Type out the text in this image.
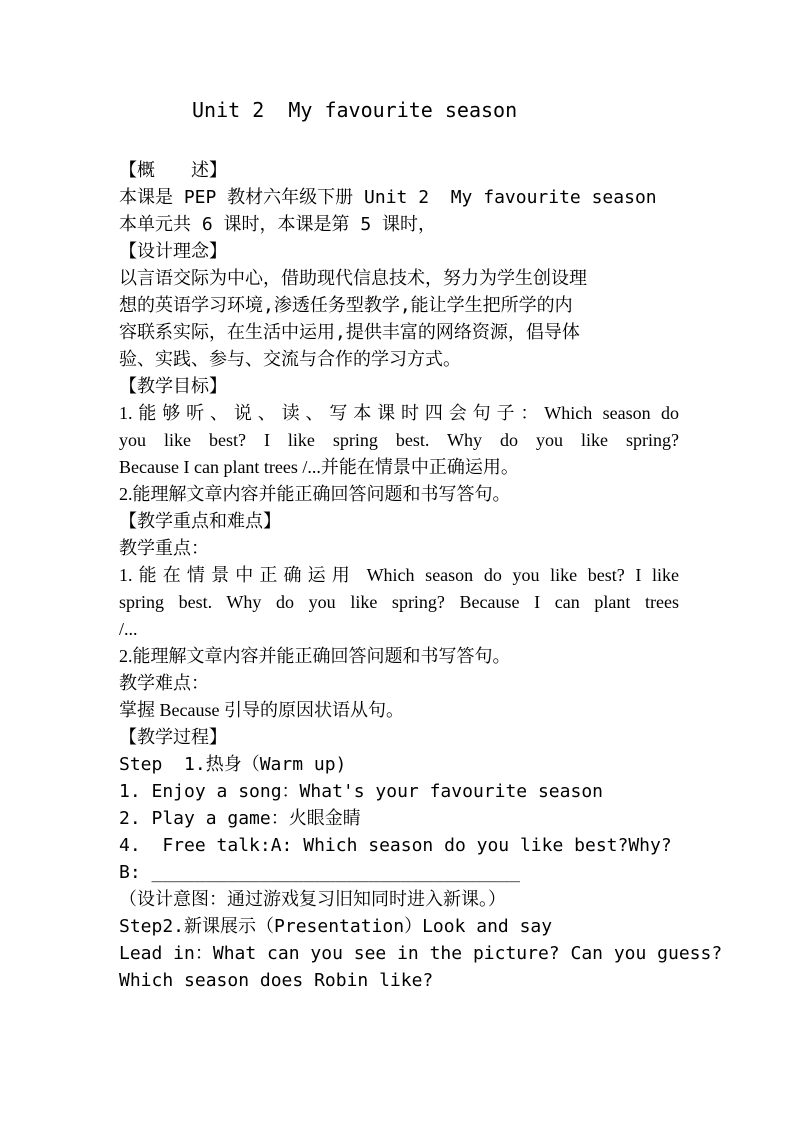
Unit 2  My favourite season
【概　　述】
本课是 PEP 教材六年级下册 Unit 2  My favourite season
本单元共 6 课时，本课是第 5 课时，
【设计理念】
以言语交际为中心，借助现代信息技术，努力为学生创设理
想的英语学习环境,渗透任务型教学,能让学生把所学的内
容联系实际，在生活中运用,提供丰富的网络资源，倡导体
验、实践、参与、交流与合作的学习方式。
【教学目标】
1.能够听、说、读、写本课时四会句子：Which season do
you like best? I like spring best. Why do you like spring?
Because I can plant trees /...并能在情景中正确运用。
2.能理解文章内容并能正确回答问题和书写答句。
【教学重点和难点】
教学重点：
1.能在情景中正确运用 Which season do you like best? I like
spring best. Why do you like spring? Because I can plant trees
/...
2.能理解文章内容并能正确回答问题和书写答句。
教学难点：
掌握 Because 引导的原因状语从句。
【教学过程】
Step  1.热身（Warm up)
1. Enjoy a song：What's your favourite season
2. Play a game：火眼金睛
4.  Free talk:A: Which season do you like best?Why?
B: __________________________________
（设计意图：通过游戏复习旧知同时进入新课。）
Step2.新课展示（Presentation）Look and say
Lead in：What can you see in the picture? Can you guess?
Which season does Robin like?
